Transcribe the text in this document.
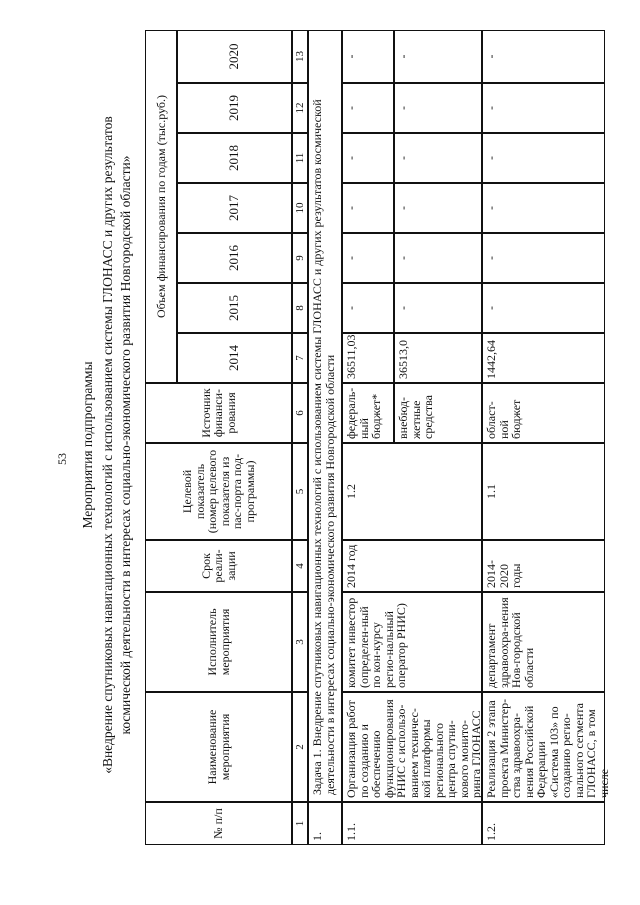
53 Мероприятия подпрограммы «Внедрение спутниковых навигационных технологий с использованием системы ГЛОНАСС и других результатов космической деятельности в интересах социально-экономического развития Новгородской области»
№ п/п
Наименование мероприятия
Исполнитель мероприятия
Срок реали-зации
Целевой показатель (номер целевого показателя из пас-порта под-программы)
Источник финанси-рования
Объем финансирования по годам (тыс.руб.)
2014
2015
2016
2017
2018
2019
2020
1
2
3
4
5
6
7
8
9
10
11
12
13
1.
Задача 1. Внедрение спутниковых навигационных технологий с использованием системы ГЛОНАСС и других результатов космической деятельности в интересах социально-экономического развития Новгородской области
1.1.
Организация работ по созданию и обеспечению функционирования РНИС с использо-ванием техничес-кой платформы регионального центра спутни-кового монито-ринга ГЛОНАСС
комитет инвестор (определен-ный по кон-курсу регио-нальный оператор РНИС)
2014 год
1.2
федераль-ный бюджет*
36511,03
-
-
-
-
-
-
внебюд-жетные средства
36513,0
-
-
-
-
-
-
1.2.
Реализация 2 этапа проекта Министер-ства здравоохра-нения Российской Федерации «Система 103» по созданию регио-нального сегмента ГЛОНАСС, в том числе
департамент здравоохра-нения Нов-городской области
2014-2020 годы
1.1
област-ной бюджет
1442,64
-
-
-
-
-
-
